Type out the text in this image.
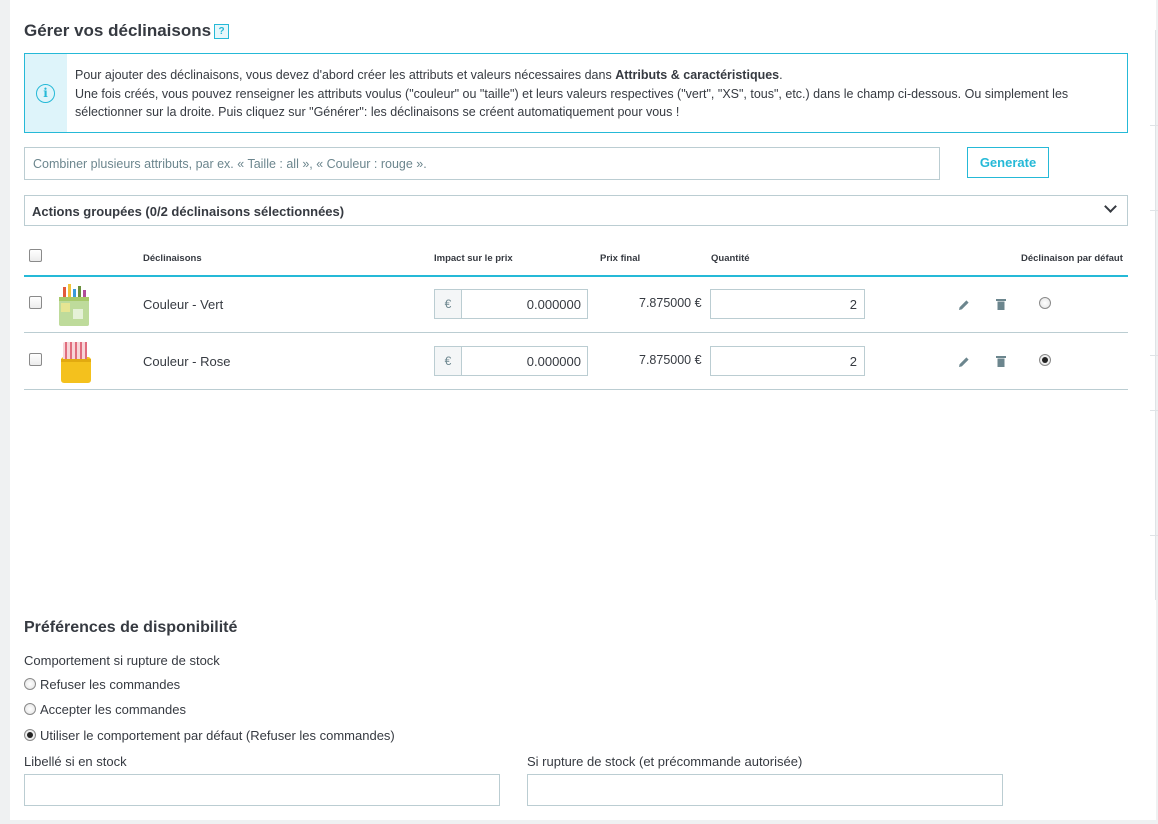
Gérer vos déclinaisons ?
i
Pour ajouter des déclinaisons, vous devez d'abord créer les attributs et valeurs nécessaires dans Attributs & caractéristiques.
Une fois créés, vous pouvez renseigner les attributs voulus ("couleur" ou "taille") et leurs valeurs respectives ("vert", "XS", tous", etc.) dans le champ ci-dessous. Ou simplement les sélectionner sur la droite. Puis cliquez sur "Générer": les déclinaisons se créent automatiquement pour vous !
Combiner plusieurs attributs, par ex. « Taille : all », « Couleur : rouge ».
Generate
Actions groupées (0/2 déclinaisons sélectionnées)
Déclinaisons	Impact sur le prix	Prix final	Quantité	Déclinaison par défaut
Couleur - Vert	€	0.000000	7.875000 €	2
Couleur - Rose	€	0.000000	7.875000 €	2
Préférences de disponibilité
Comportement si rupture de stock
Refuser les commandes
Accepter les commandes
Utiliser le comportement par défaut (Refuser les commandes)
Libellé si en stock	Si rupture de stock (et précommande autorisée)
